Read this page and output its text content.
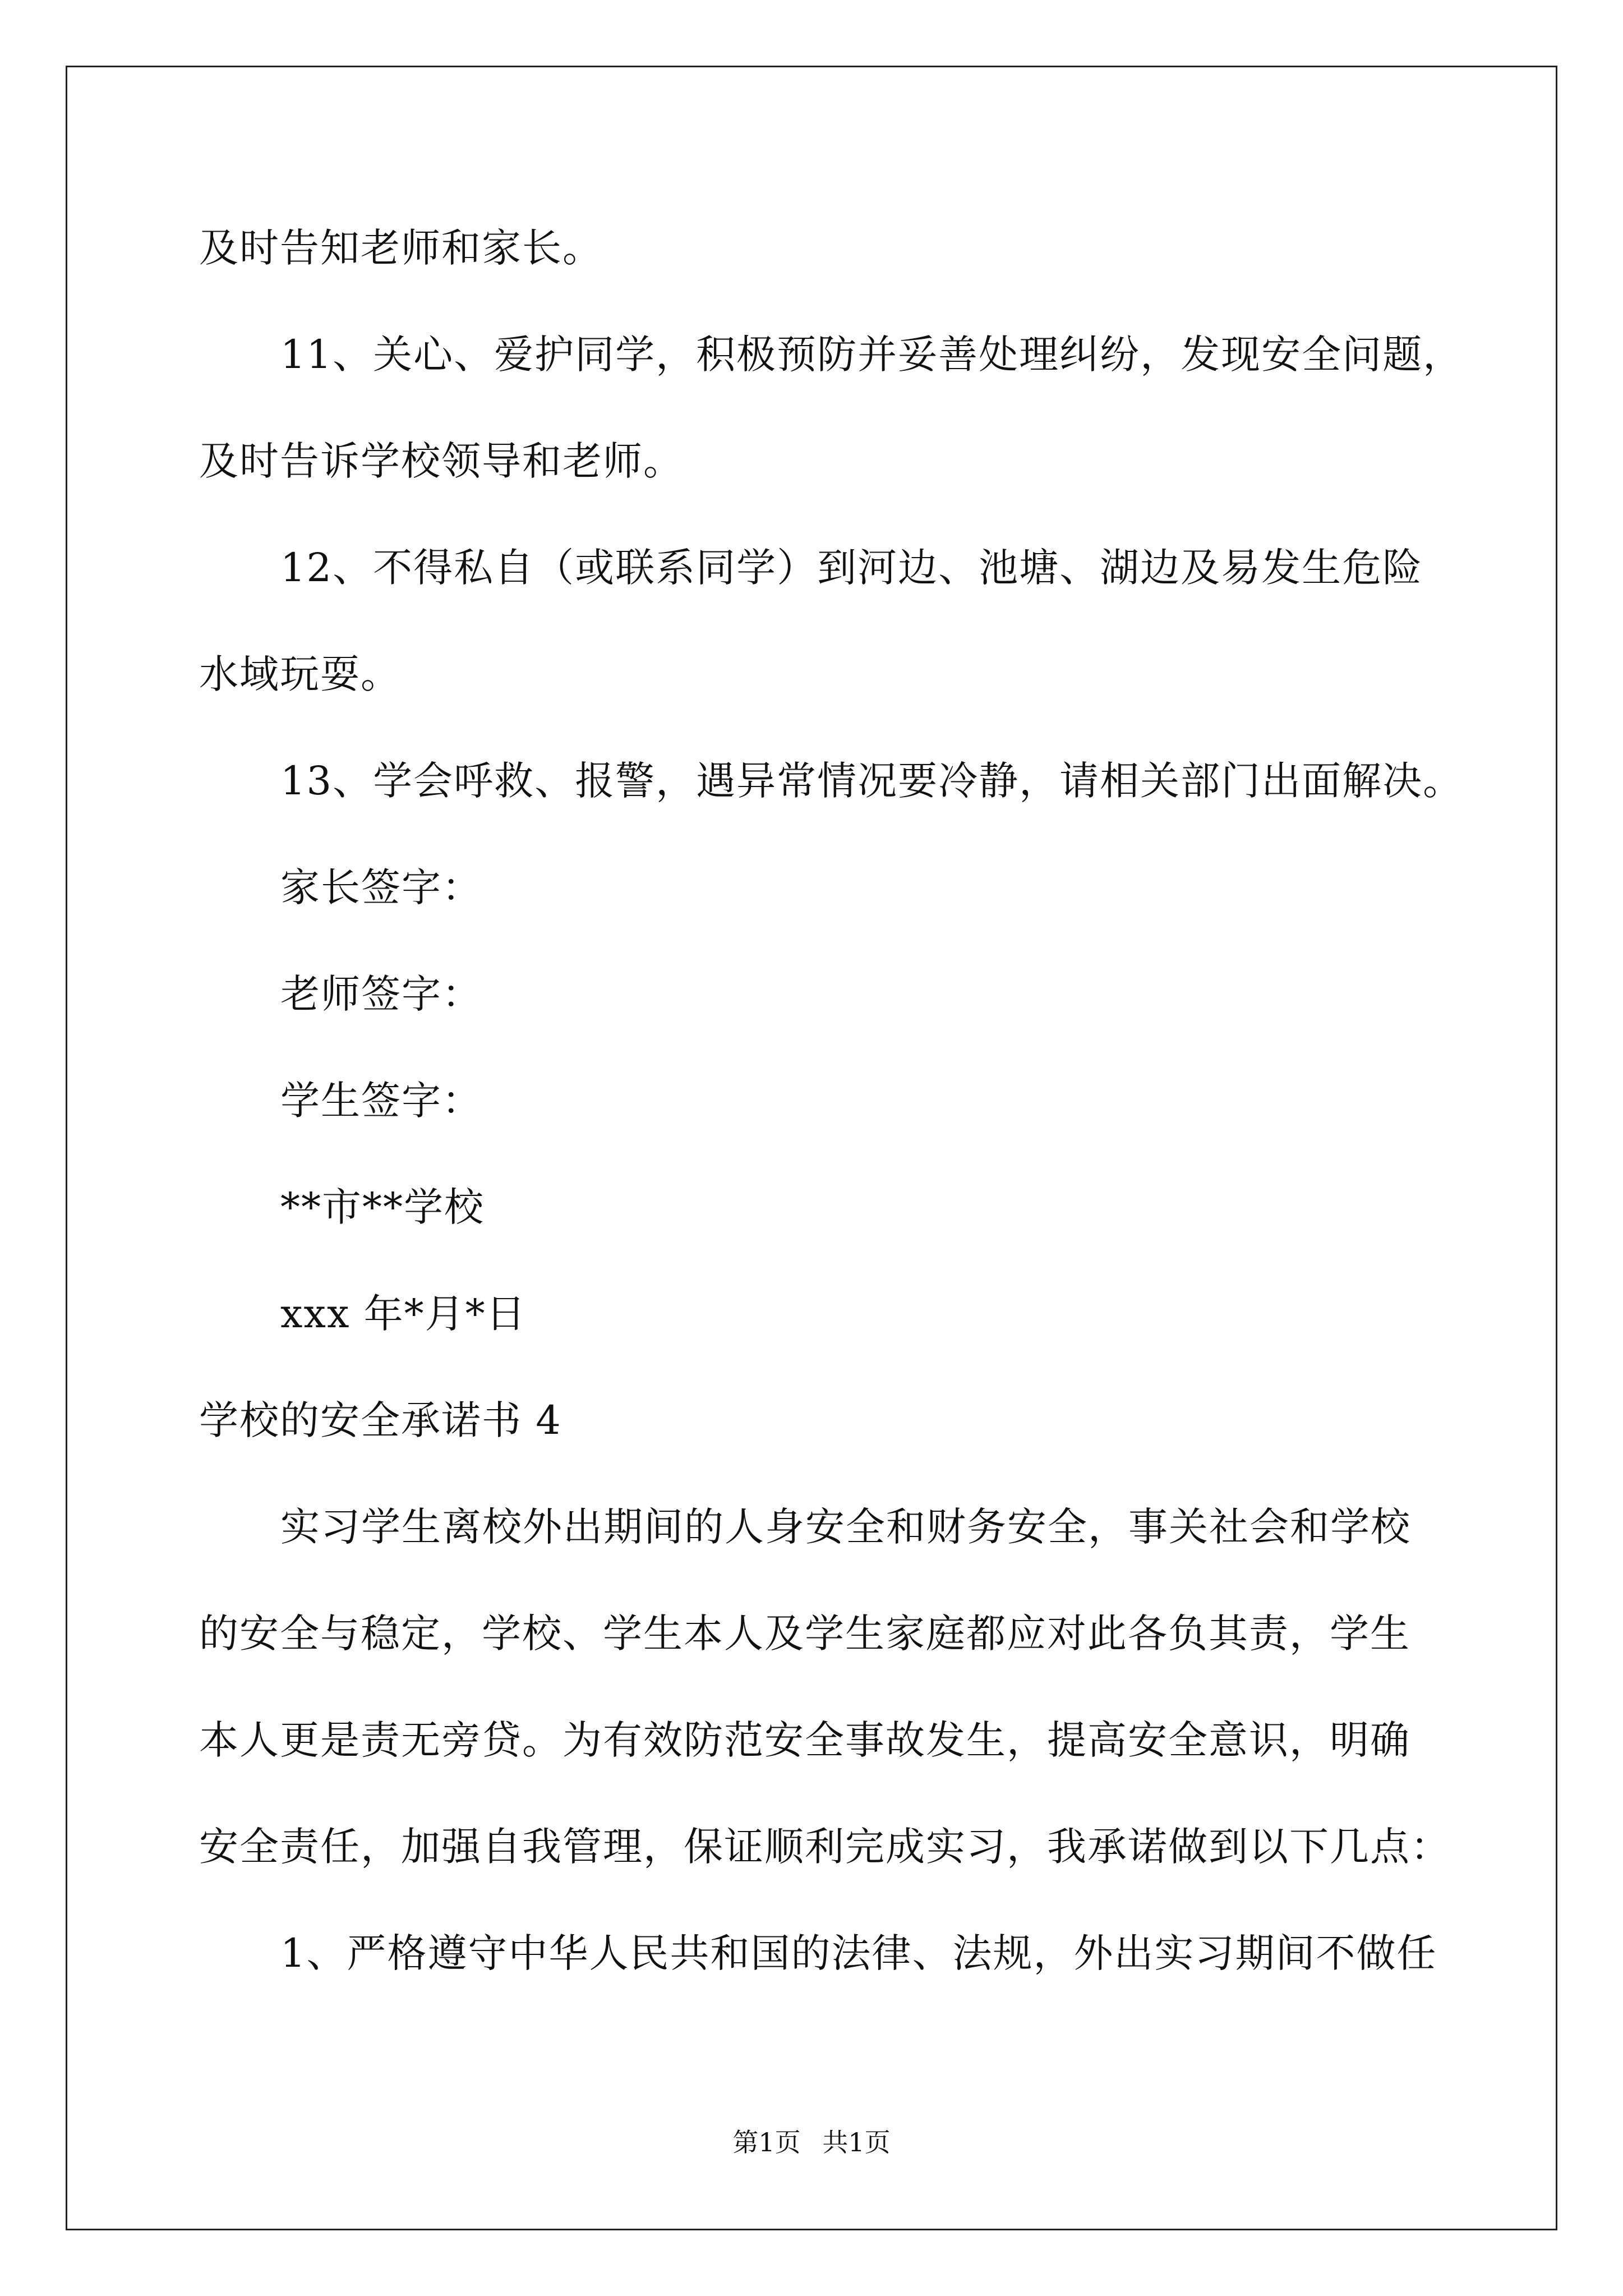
及时告知老师和家长。
11、关心、爱护同学，积极预防并妥善处理纠纷，发现安全问题，
及时告诉学校领导和老师。
12、不得私自（或联系同学）到河边、池塘、湖边及易发生危险
水域玩耍。
13、学会呼救、报警，遇异常情况要冷静，请相关部门出面解决。
家长签字：
老师签字：
学生签字：
**市**学校
xxx 年*月*日
学校的安全承诺书 4
实习学生离校外出期间的人身安全和财务安全，事关社会和学校
的安全与稳定，学校、学生本人及学生家庭都应对此各负其责，学生
本人更是责无旁贷。为有效防范安全事故发生，提高安全意识，明确
安全责任，加强自我管理，保证顺利完成实习，我承诺做到以下几点：
1、严格遵守中华人民共和国的法律、法规，外出实习期间不做任
第1页 共1页
